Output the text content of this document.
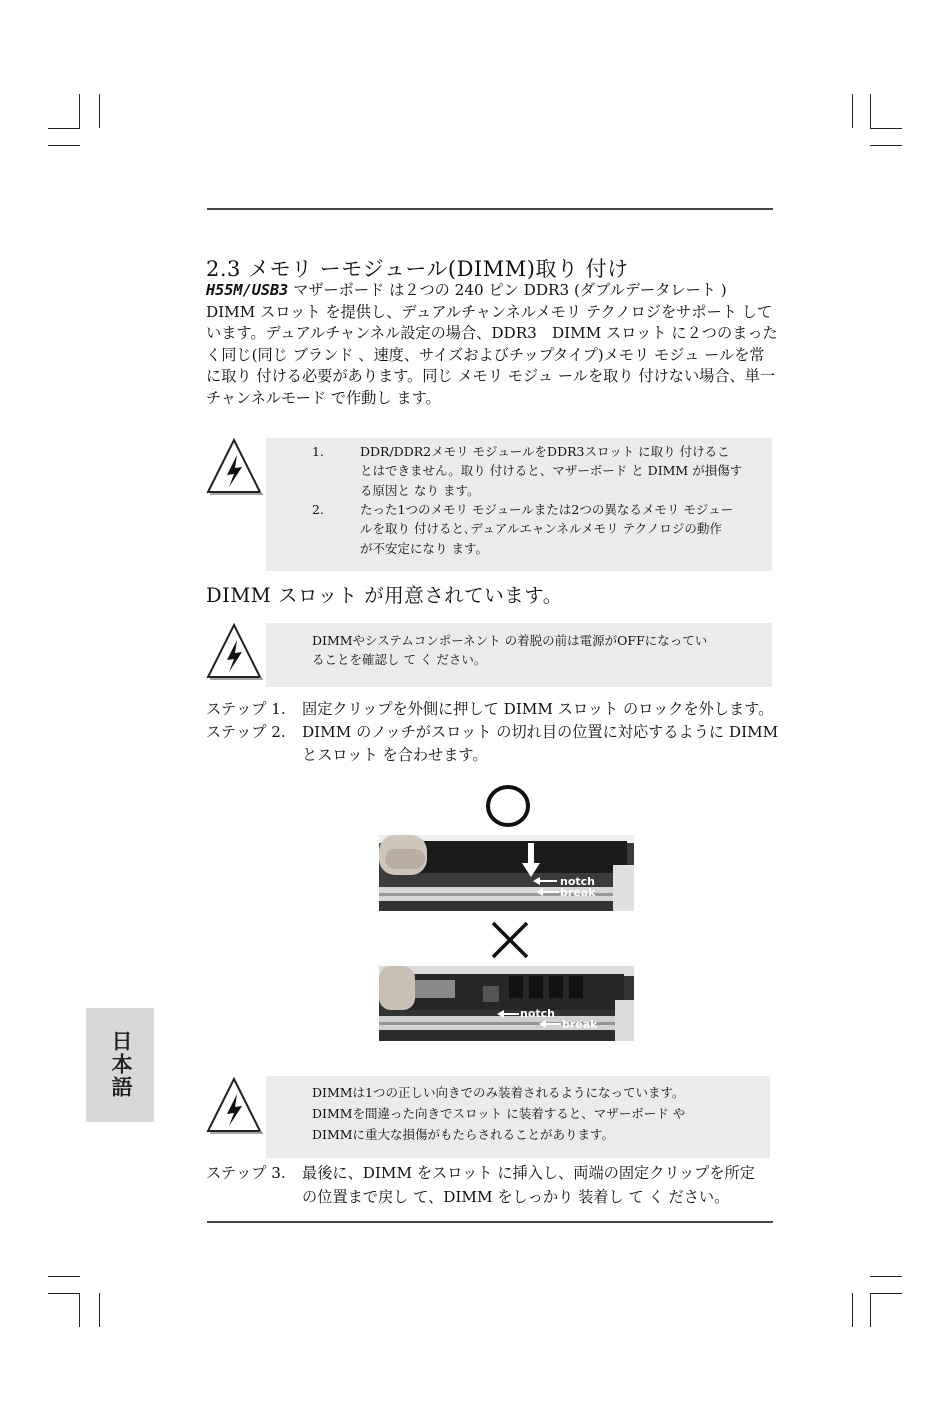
2.3 メモリ ーモジュール(DIMM)取り 付け
H55M/USB3 マザーボード は２つの 240 ピン DDR3 (ダブルデータレート )
DIMM スロット を提供し、デュアルチャンネルメモリ テクノロジをサポート して
います。デュアルチャンネル設定の場合、DDR3　DIMM スロット に２つのまった
く同じ(同じ ブランド 、速度、サイズおよびチップタイプ)メモリ モジュ ールを常
に取り 付ける必要があります。同じ メモリ モジュ ールを取り 付けない場合、単一
チャンネルモード で作動し ます。
1.	DDR/DDR2メモリ モジュールをDDR3スロット に取り 付けるこ
とはできません。取り 付けると、マザーボード と DIMM が損傷す
る原因と なり ます。
2.	たった1つのメモリ モジュールまたは2つの異なるメモリ モジュー
ルを取り 付けると､デュアルエャンネルメモリ テクノロジの動作
が不安定になり ます。
DIMM スロット が用意されています。
DIMMやシステムコンポーネント の着脱の前は電源がOFFになってい
ることを確認し て く ださい。
ステップ 1. 固定クリップを外側に押して DIMM スロット のロックを外します。
ステップ 2. DIMM のノッチがスロット の切れ目の位置に対応するように DIMM
とスロット を合わせます。
notch
break
notch
break
日本語	DIMMは1つの正しい向きでのみ装着されるようになっています。
DIMMを間違った向きでスロット に装着すると、マザーボード や
DIMMに重大な損傷がもたらされることがあります。
ステップ 3. 最後に、DIMM をスロット に挿入し、両端の固定クリップを所定
の位置まで戻し て、DIMM をしっかり 装着し て く ださい。
